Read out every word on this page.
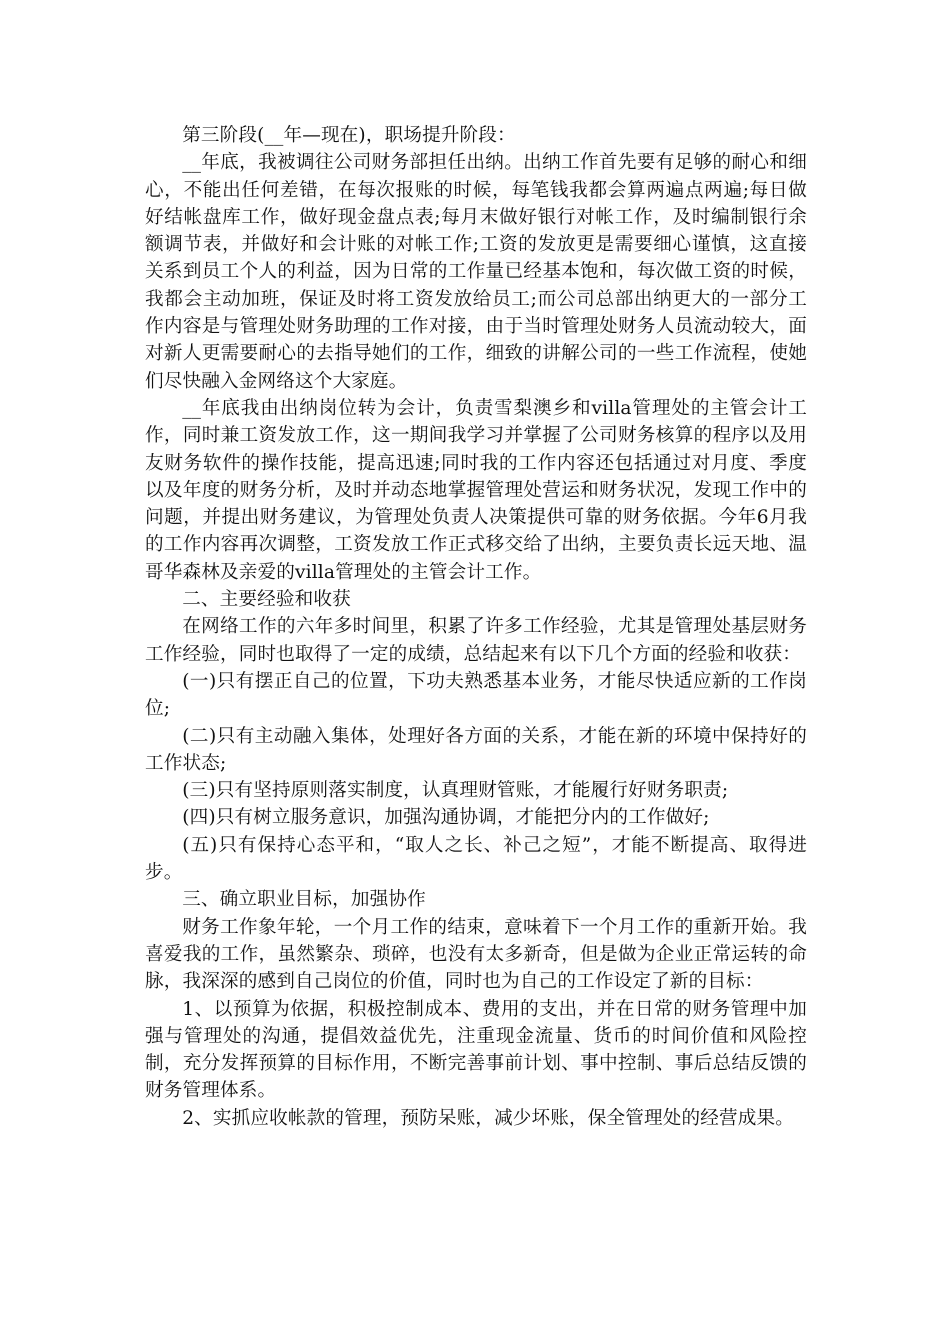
第三阶段(__年—现在)，职场提升阶段：

__年底，我被调往公司财务部担任出纳。出纳工作首先要有足够的耐心和细心，不能出任何差错，在每次报账的时候，每笔钱我都会算两遍点两遍;每日做好结帐盘库工作，做好现金盘点表;每月末做好银行对帐工作，及时编制银行余额调节表，并做好和会计账的对帐工作;工资的发放更是需要细心谨慎，这直接关系到员工个人的利益，因为日常的工作量已经基本饱和，每次做工资的时候，我都会主动加班，保证及时将工资发放给员工;而公司总部出纳更大的一部分工作内容是与管理处财务助理的工作对接，由于当时管理处财务人员流动较大，面对新人更需要耐心的去指导她们的工作，细致的讲解公司的一些工作流程，使她们尽快融入金网络这个大家庭。

__年底我由出纳岗位转为会计，负责雪梨澳乡和villa管理处的主管会计工作，同时兼工资发放工作，这一期间我学习并掌握了公司财务核算的程序以及用友财务软件的操作技能，提高迅速;同时我的工作内容还包括通过对月度、季度以及年度的财务分析，及时并动态地掌握管理处营运和财务状况，发现工作中的问题，并提出财务建议，为管理处负责人决策提供可靠的财务依据。今年6月我的工作内容再次调整，工资发放工作正式移交给了出纳，主要负责长远天地、温哥华森林及亲爱的villa管理处的主管会计工作。

二、主要经验和收获

在网络工作的六年多时间里，积累了许多工作经验，尤其是管理处基层财务工作经验，同时也取得了一定的成绩，总结起来有以下几个方面的经验和收获：

(一)只有摆正自己的位置，下功夫熟悉基本业务，才能尽快适应新的工作岗位;

(二)只有主动融入集体，处理好各方面的关系，才能在新的环境中保持好的工作状态;

(三)只有坚持原则落实制度，认真理财管账，才能履行好财务职责;

(四)只有树立服务意识，加强沟通协调，才能把分内的工作做好;

(五)只有保持心态平和，“取人之长、补己之短”，才能不断提高、取得进步。

三、确立职业目标，加强协作

财务工作象年轮，一个月工作的结束，意味着下一个月工作的重新开始。我喜爱我的工作，虽然繁杂、琐碎，也没有太多新奇，但是做为企业正常运转的命脉，我深深的感到自己岗位的价值，同时也为自己的工作设定了新的目标：

1、以预算为依据，积极控制成本、费用的支出，并在日常的财务管理中加强与管理处的沟通，提倡效益优先，注重现金流量、货币的时间价值和风险控制，充分发挥预算的目标作用，不断完善事前计划、事中控制、事后总结反馈的财务管理体系。

2、实抓应收帐款的管理，预防呆账，减少坏账，保全管理处的经营成果。
